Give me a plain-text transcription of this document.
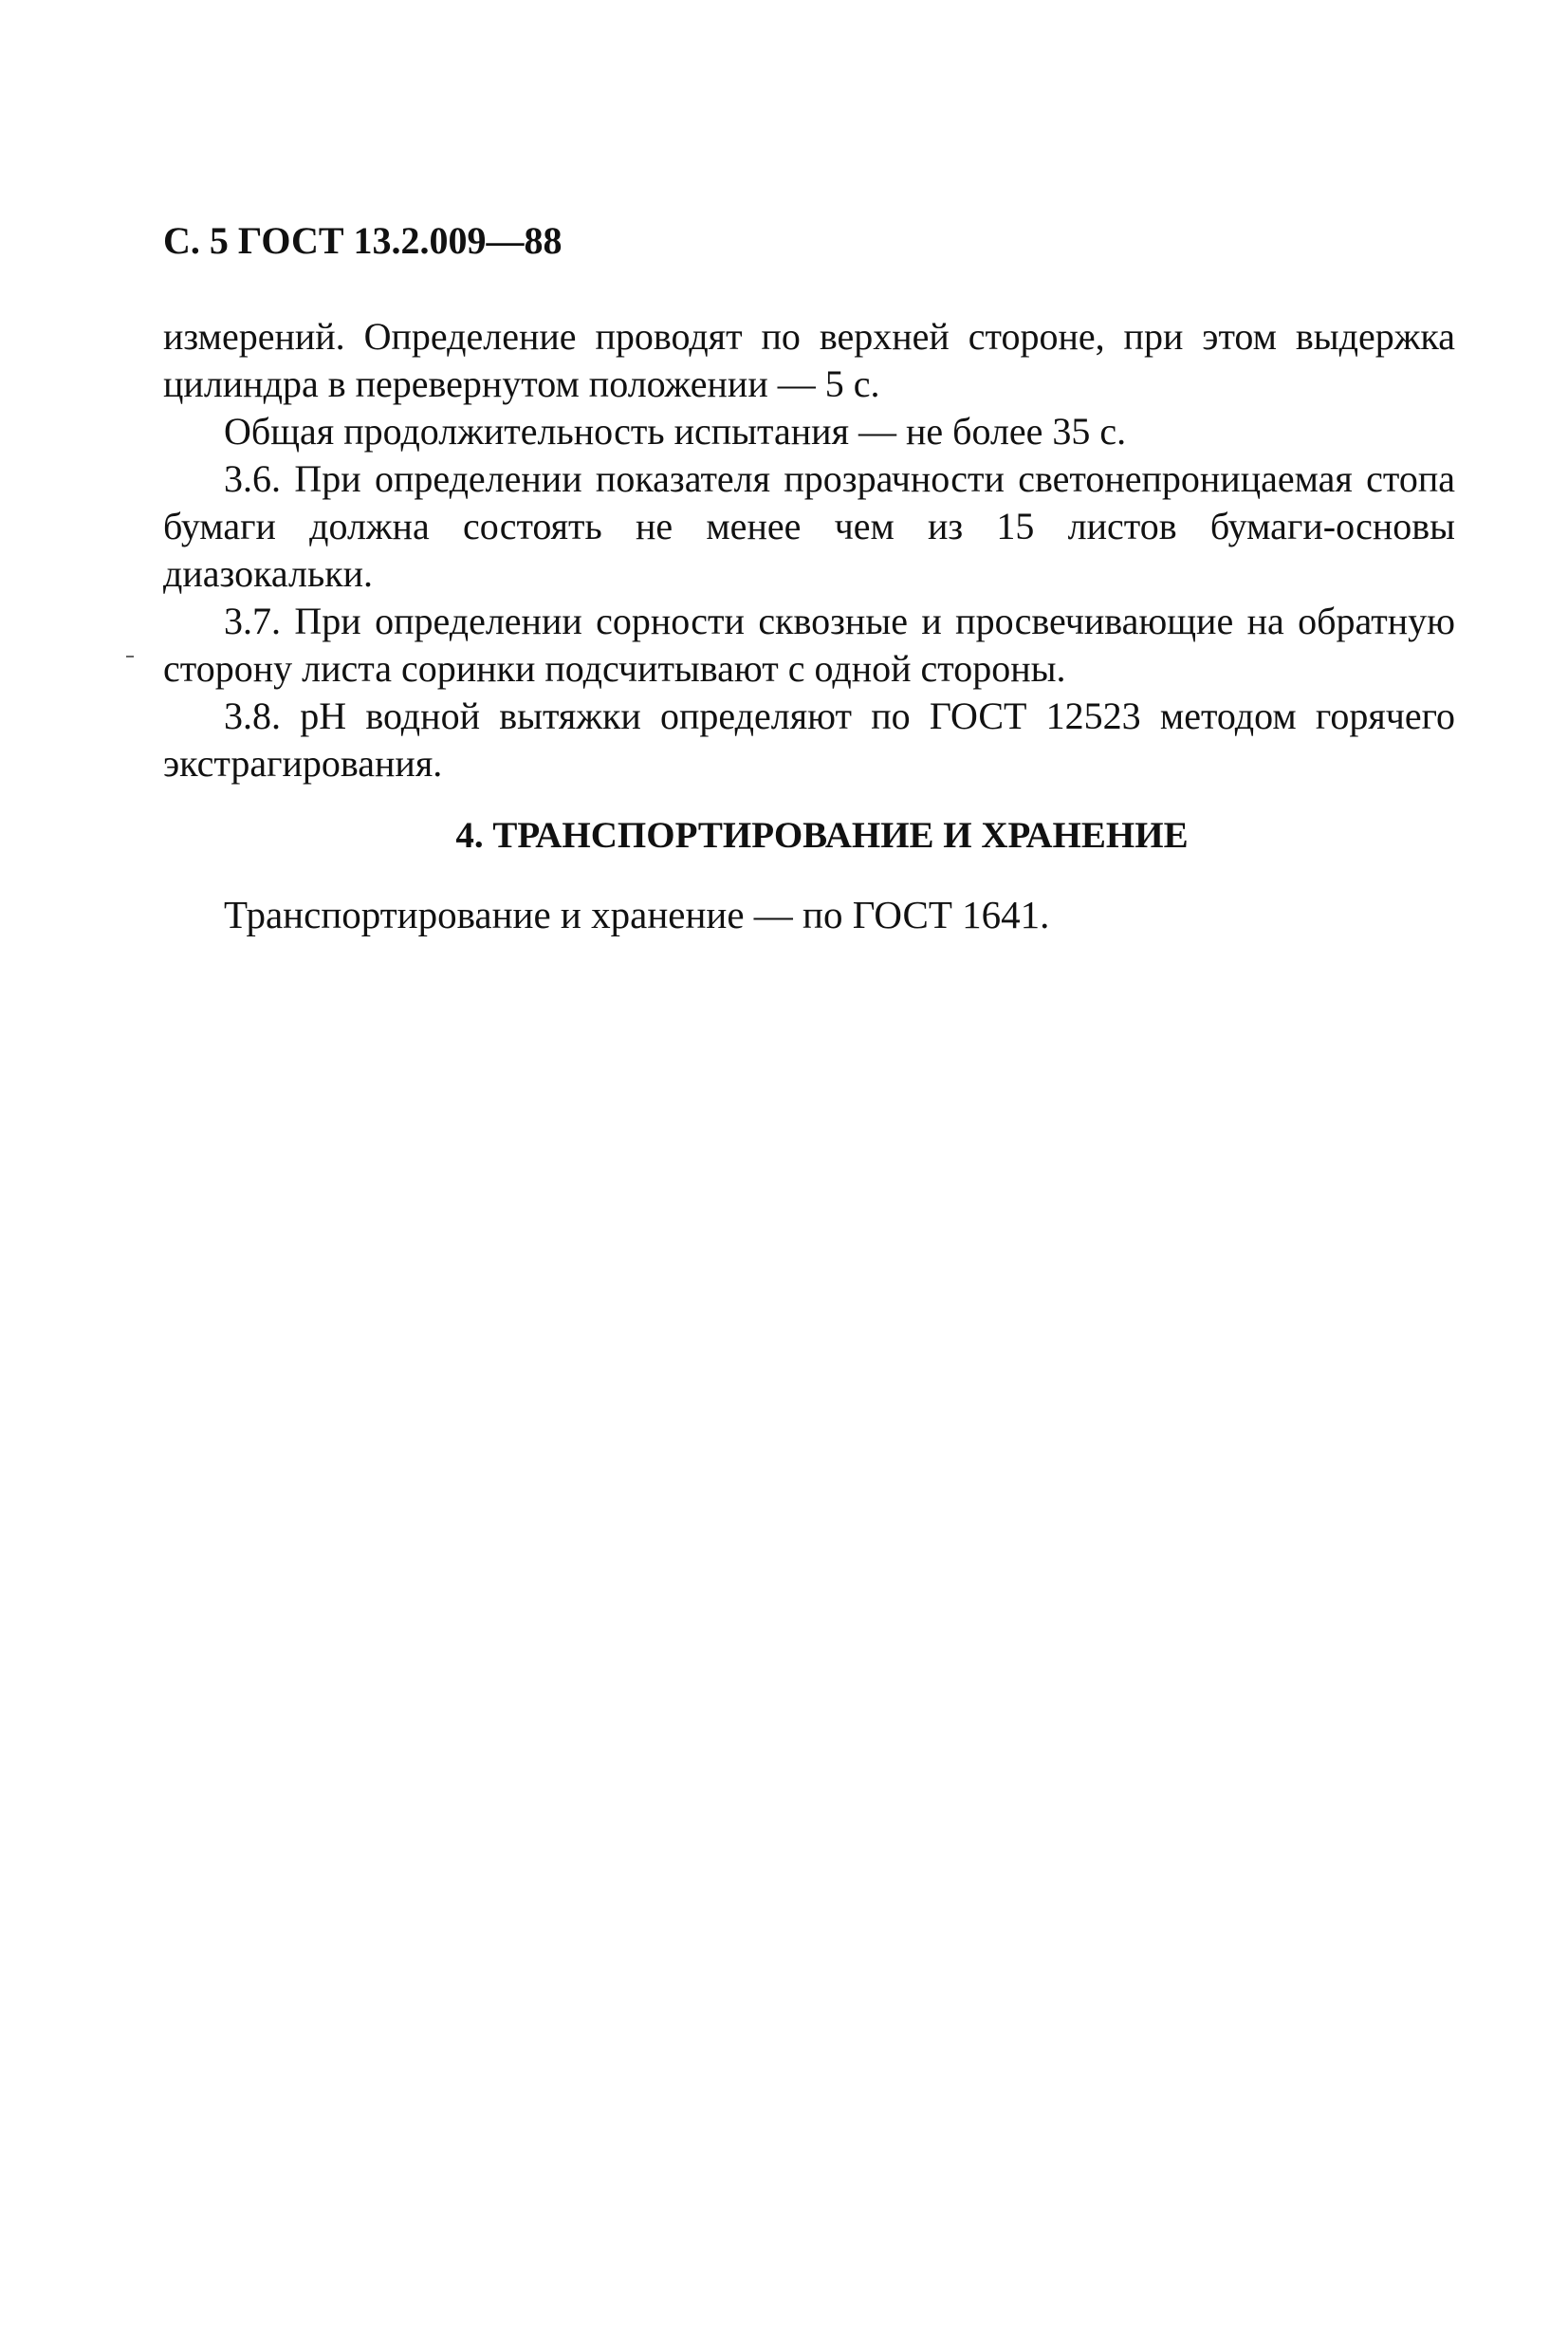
С. 5 ГОСТ 13.2.009—88

измерений. Определение проводят по верхней стороне, при этом выдержка цилиндра в перевернутом положении — 5 с.

Общая продолжительность испытания — не более 35 с.

3.6. При определении показателя прозрачности светонепроницаемая стопа бумаги должна состоять не менее чем из 15 листов бумаги-основы диазокальки.

3.7. При определении сорности сквозные и просвечивающие на обратную сторону листа соринки подсчитывают с одной стороны.

3.8. pH водной вытяжки определяют по ГОСТ 12523 методом горячего экстрагирования.

4. ТРАНСПОРТИРОВАНИЕ И ХРАНЕНИЕ
Транспортирование и хранение — по ГОСТ 1641.
